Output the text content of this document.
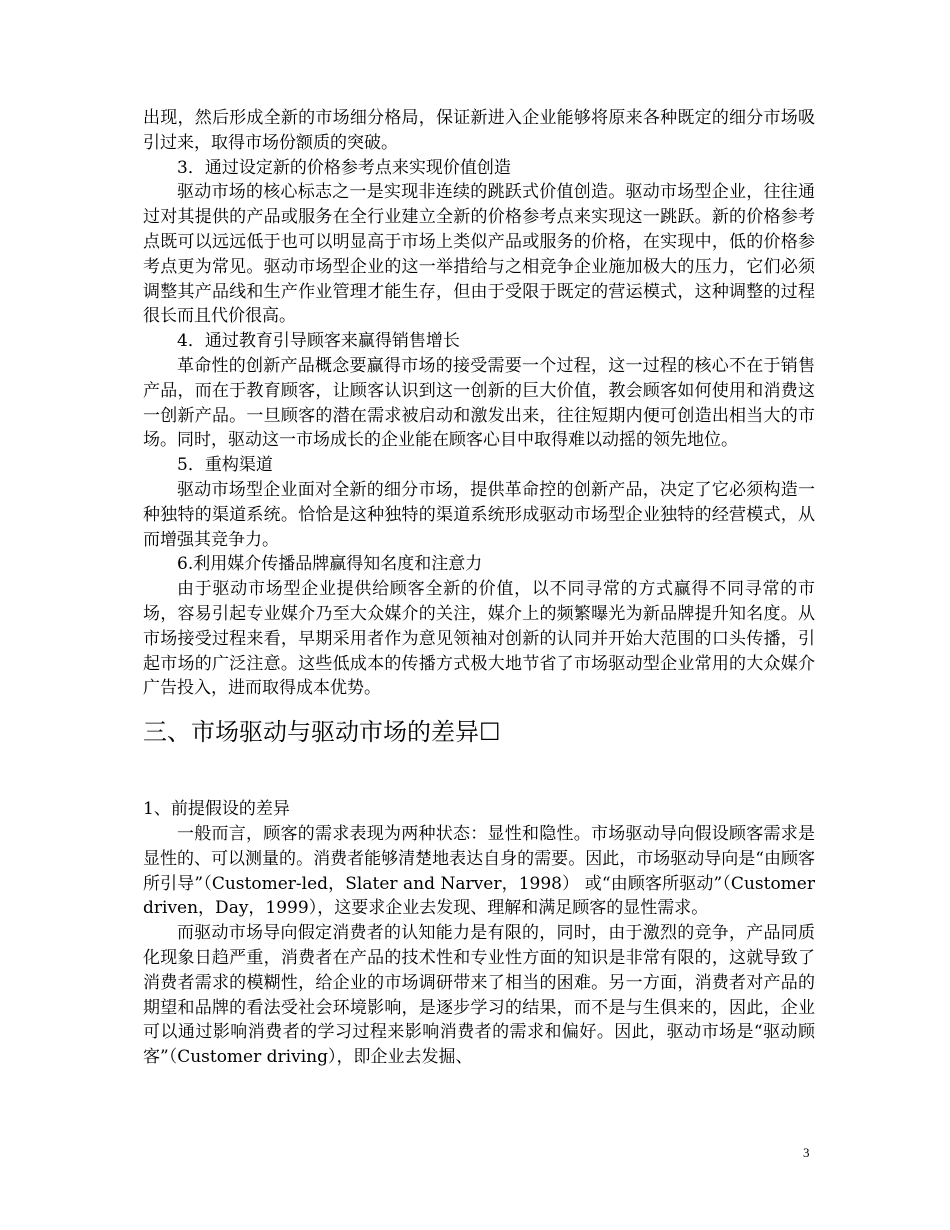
出现，然后形成全新的市场细分格局，保证新进入企业能够将原来各种既定的细分市场吸引过来，取得市场份额质的突破。

3．通过设定新的价格参考点来实现价值创造

驱动市场的核心标志之一是实现非连续的跳跃式价值创造。驱动市场型企业，往往通过对其提供的产品或服务在全行业建立全新的价格参考点来实现这一跳跃。新的价格参考点既可以远远低于也可以明显高于市场上类似产品或服务的价格，在实现中，低的价格参考点更为常见。驱动市场型企业的这一举措给与之相竞争企业施加极大的压力，它们必须调整其产品线和生产作业管理才能生存，但由于受限于既定的营运模式，这种调整的过程很长而且代价很高。

4．通过教育引导顾客来赢得销售增长

革命性的创新产品概念要赢得市场的接受需要一个过程，这一过程的核心不在于销售产品，而在于教育顾客，让顾客认识到这一创新的巨大价值，教会顾客如何使用和消费这一创新产品。一旦顾客的潜在需求被启动和激发出来，往往短期内便可创造出相当大的市场。同时，驱动这一市场成长的企业能在顾客心目中取得难以动摇的领先地位。

5．重构渠道

驱动市场型企业面对全新的细分市场，提供革命控的创新产品，决定了它必须构造一种独特的渠道系统。恰恰是这种独特的渠道系统形成驱动市场型企业独特的经营模式，从而增强其竞争力。

6.利用媒介传播品牌赢得知名度和注意力

由于驱动市场型企业提供给顾客全新的价值，以不同寻常的方式赢得不同寻常的市场，容易引起专业媒介乃至大众媒介的关注，媒介上的频繁曝光为新品牌提升知名度。从市场接受过程来看，早期采用者作为意见领袖对创新的认同并开始大范围的口头传播，引起市场的广泛注意。这些低成本的传播方式极大地节省了市场驱动型企业常用的大众媒介广告投入，进而取得成本优势。

三、市场驱动与驱动市场的差异☐

1、前提假设的差异

一般而言，顾客的需求表现为两种状态：显性和隐性。市场驱动导向假设顾客需求是显性的、可以测量的。消费者能够清楚地表达自身的需要。因此，市场驱动导向是“由顾客所引导”（Customer-led，Slater and Narver，1998） 或“由顾客所驱动”（Customer driven，Day，1999），这要求企业去发现、理解和满足顾客的显性需求。

而驱动市场导向假定消费者的认知能力是有限的，同时，由于激烈的竞争，产品同质化现象日趋严重，消费者在产品的技术性和专业性方面的知识是非常有限的，这就导致了消费者需求的模糊性，给企业的市场调研带来了相当的困难。另一方面，消费者对产品的期望和品牌的看法受社会环境影响，是逐步学习的结果，而不是与生俱来的，因此，企业可以通过影响消费者的学习过程来影响消费者的需求和偏好。因此，驱动市场是“驱动顾客”（Customer driving），即企业去发掘、

3
